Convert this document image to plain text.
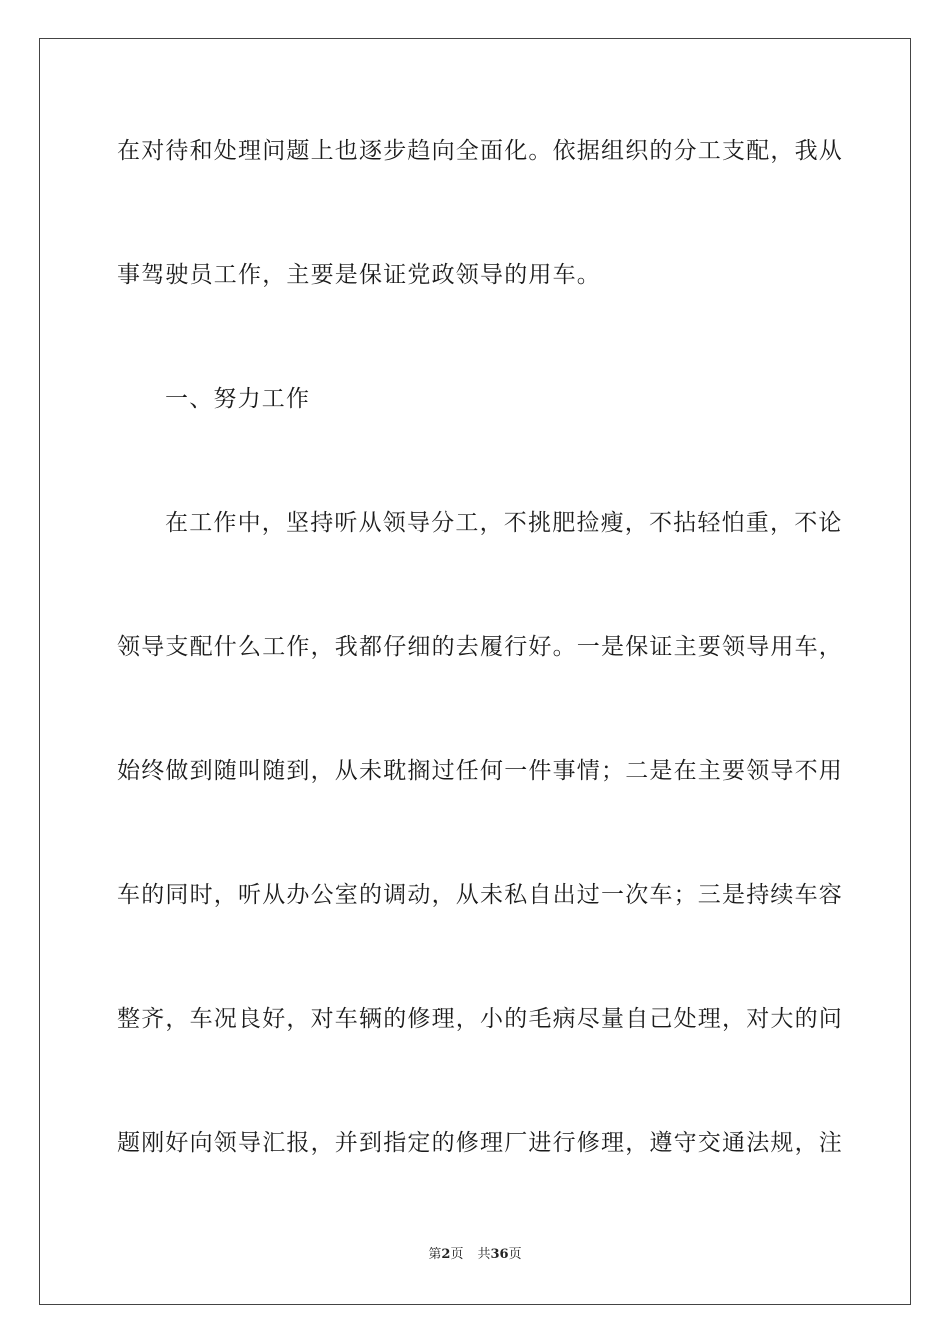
在对待和处理问题上也逐步趋向全面化。依据组织的分工支配，我从
事驾驶员工作，主要是保证党政领导的用车。
一、努力工作
在工作中，坚持听从领导分工，不挑肥捡瘦，不拈轻怕重，不论
领导支配什么工作，我都仔细的去履行好。一是保证主要领导用车，
始终做到随叫随到，从未耽搁过任何一件事情；二是在主要领导不用
车的同时，听从办公室的调动，从未私自出过一次车；三是持续车容
整齐，车况良好，对车辆的修理，小的毛病尽量自己处理，对大的问
题刚好向领导汇报，并到指定的修理厂进行修理，遵守交通法规，注
第2页 共36页
